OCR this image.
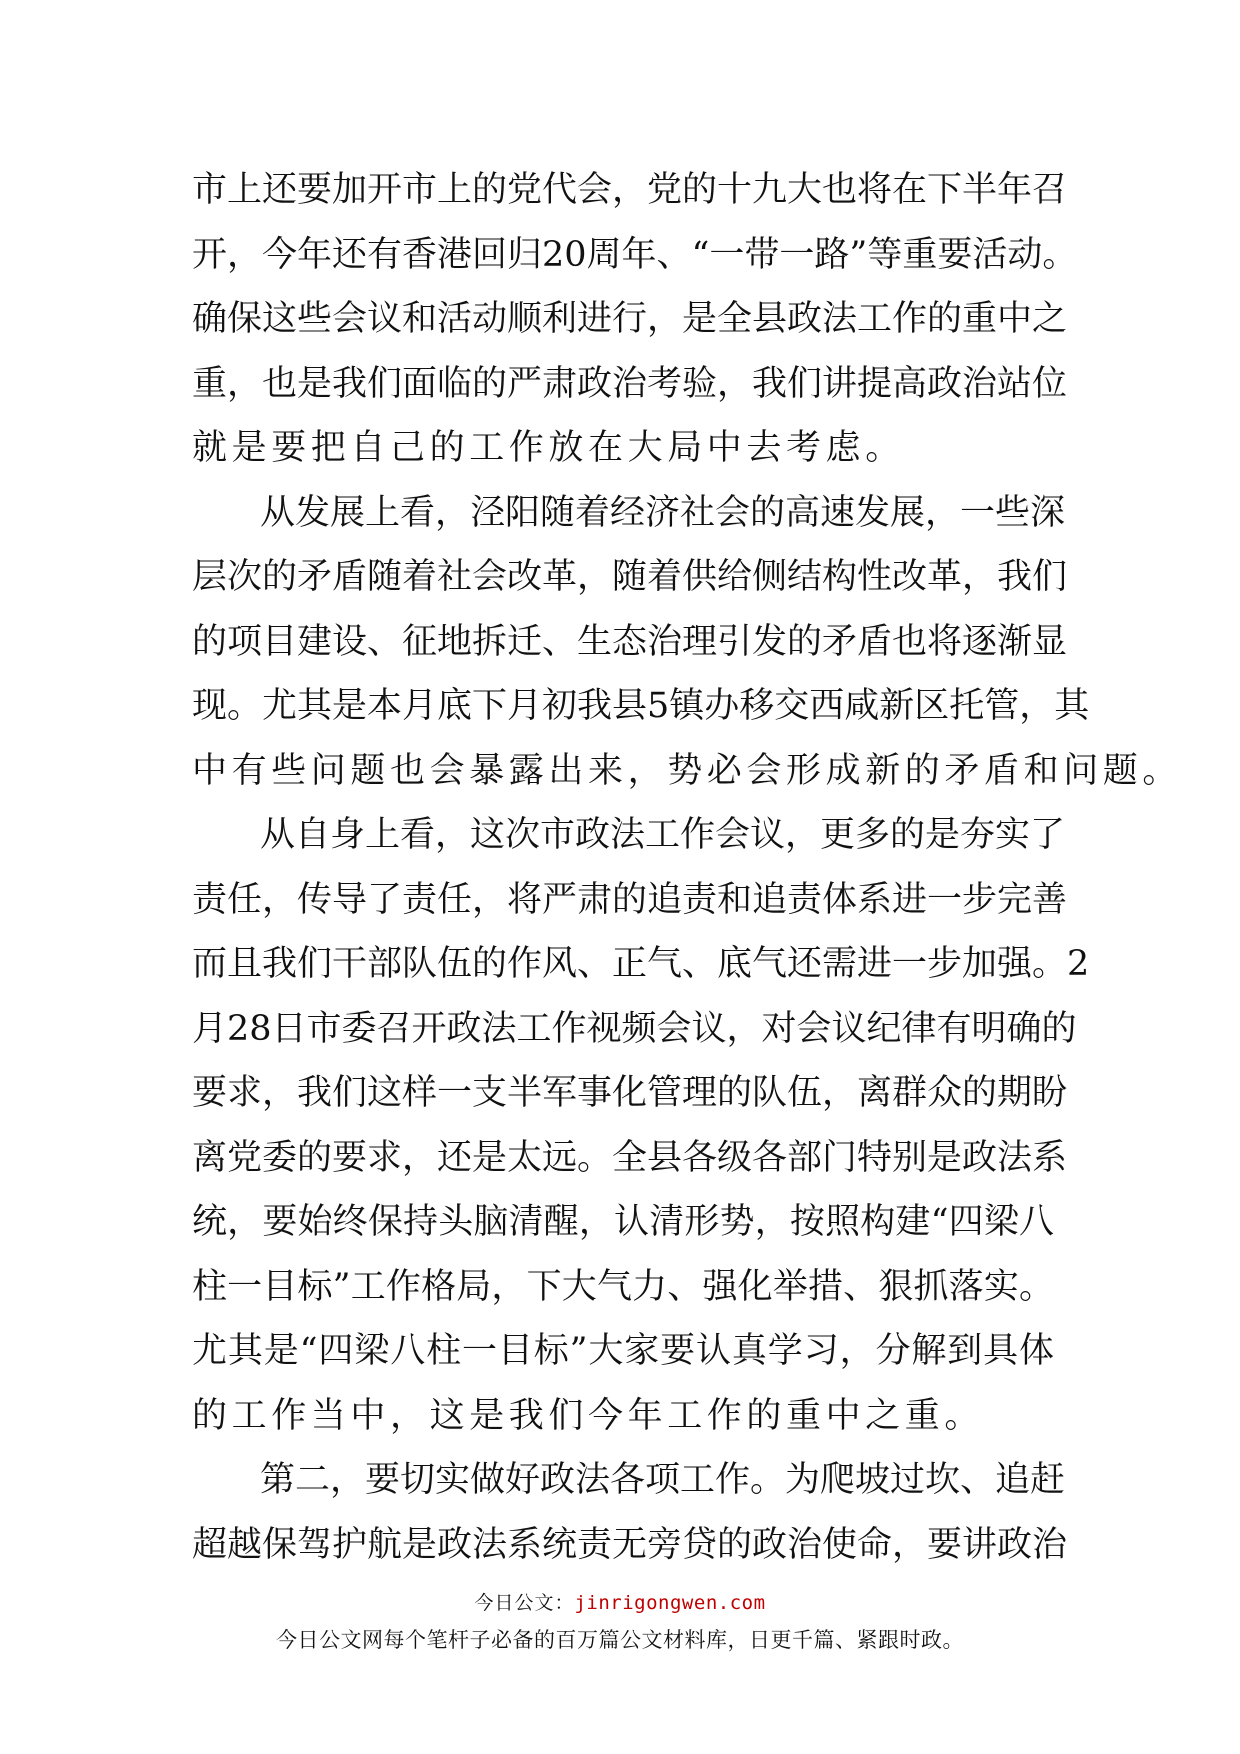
市上还要加开市上的党代会，党的十九大也将在下半年召
开，今年还有香港回归20周年、“一带一路”等重要活动。
确保这些会议和活动顺利进行，是全县政法工作的重中之
重，也是我们面临的严肃政治考验，我们讲提高政治站位
就是要把自己的工作放在大局中去考虑。
从发展上看，泾阳随着经济社会的高速发展，一些深
层次的矛盾随着社会改革，随着供给侧结构性改革，我们
的项目建设、征地拆迁、生态治理引发的矛盾也将逐渐显
现。尤其是本月底下月初我县5镇办移交西咸新区托管，其
中有些问题也会暴露出来，势必会形成新的矛盾和问题。
从自身上看，这次市政法工作会议，更多的是夯实了
责任，传导了责任，将严肃的追责和追责体系进一步完善
而且我们干部队伍的作风、正气、底气还需进一步加强。2
月28日市委召开政法工作视频会议，对会议纪律有明确的
要求，我们这样一支半军事化管理的队伍，离群众的期盼
离党委的要求，还是太远。全县各级各部门特别是政法系
统，要始终保持头脑清醒，认清形势，按照构建“四梁八
柱一目标”工作格局，下大气力、强化举措、狠抓落实。
尤其是“四梁八柱一目标”大家要认真学习，分解到具体
的工作当中，这是我们今年工作的重中之重。
第二，要切实做好政法各项工作。为爬坡过坎、追赶
超越保驾护航是政法系统责无旁贷的政治使命，要讲政治
今日公文：jinrigongwen.com
今日公文网每个笔杆子必备的百万篇公文材料库，日更千篇、紧跟时政。
